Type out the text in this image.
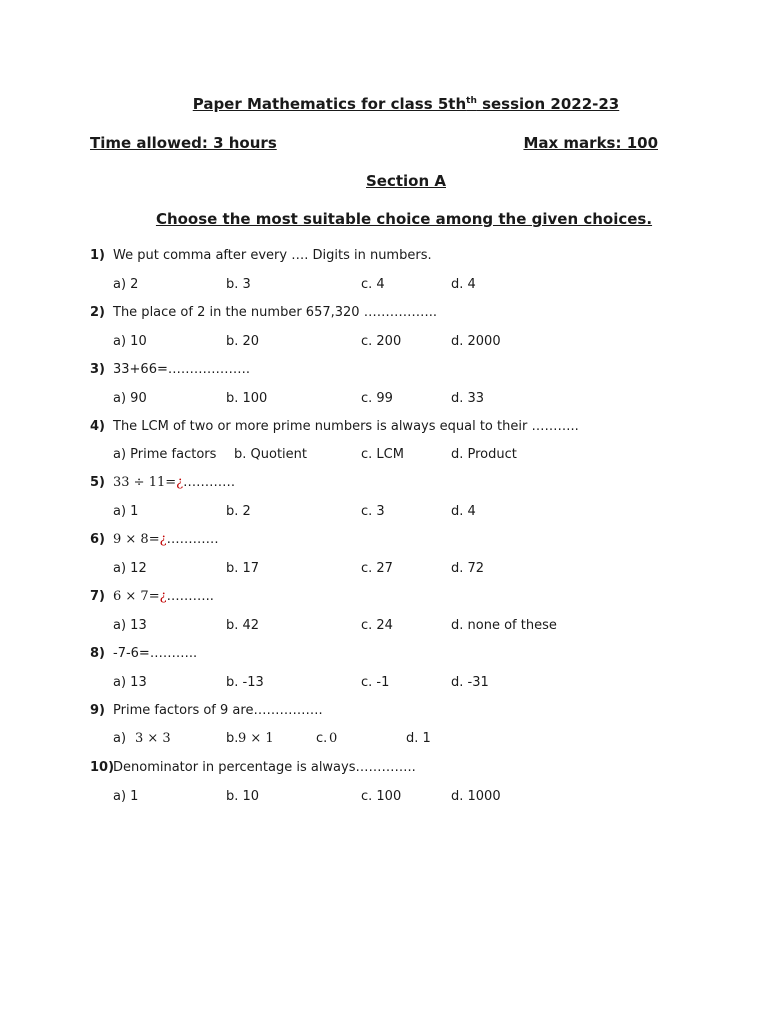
Paper Mathematics for class $5th^{th}$ session 2022-23
Time allowed: 3 hours	Max marks: 100
Section A
Choose the most suitable choice among the given choices.
1) We put comma after every …. Digits in numbers.
a) 2	b. 3	c. 4	d. 4
2) The place of 2 in the number 657,320 ……………..
a) 10	b. 20	c. 200	d. 2000
3) 33+66=……………….
a) 90	b. 100	c. 99	d. 33
4) The LCM of two or more prime numbers is always equal to their ………..
a) Prime factors b. Quotient	c. LCM	d. Product
5) 33 ÷ 11=¿…………
a) 1	b. 2	c. 3	d. 4
6) 9 × 8=¿…………
a) 12	b. 17	c. 27	d. 72
7) 6 × 7=¿………..
a) 13	b. 42	c. 24	d. none of these
8) -7-6=………..
a) 13	b. -13	c. -1	d. -31
9) Prime factors of 9 are…………….
a) 3 × 3	b. 9 × 1	c. 0	d. 1
10)
Denominator in percentage is always…………..
a) 1	b. 10	c. 100	d. 1000
